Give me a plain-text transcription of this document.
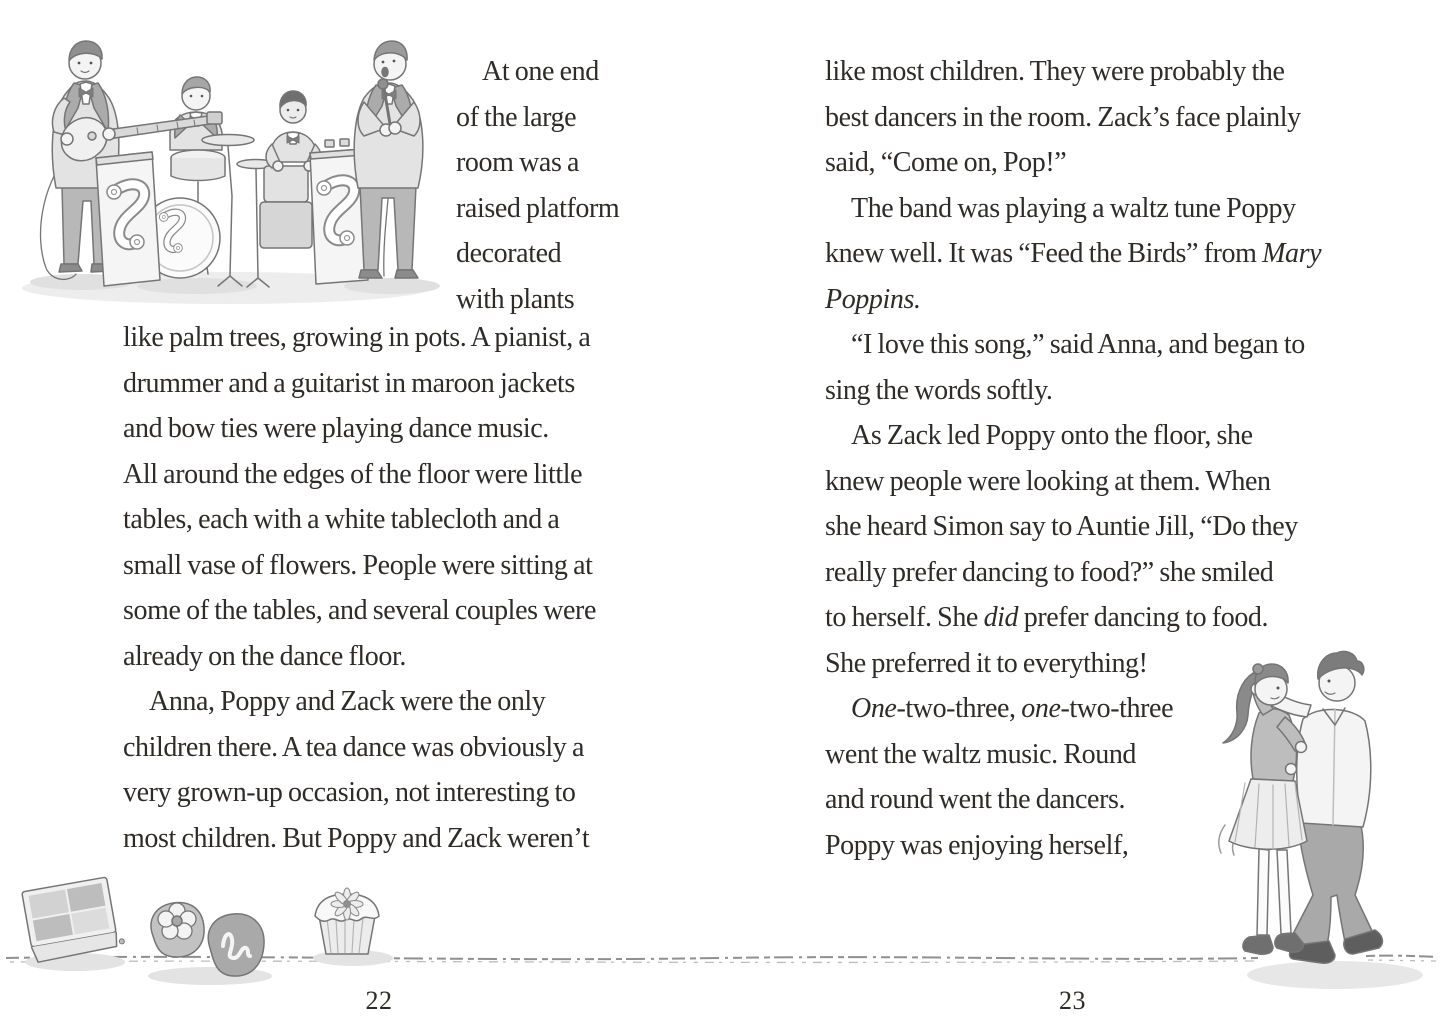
At one end
of the large
room was a
raised platform
decorated
with plants
like palm trees, growing in pots. A pianist, a
drummer and a guitarist in maroon jackets
and bow ties were playing dance music.
All around the edges of the floor were little
tables, each with a white tablecloth and a
small vase of flowers. People were sitting at
some of the tables, and several couples were
already on the dance floor.
Anna, Poppy and Zack were the only
children there. A tea dance was obviously a
very grown-up occasion, not interesting to
most children. But Poppy and Zack weren’t
22
like most children. They were probably the
best dancers in the room. Zack’s face plainly
said, “Come on, Pop!”
The band was playing a waltz tune Poppy
knew well. It was “Feed the Birds” from Mary
Poppins.
“I love this song,” said Anna, and began to
sing the words softly.
As Zack led Poppy onto the floor, she
knew people were looking at them. When
she heard Simon say to Auntie Jill, “Do they
really prefer dancing to food?” she smiled
to herself. She did prefer dancing to food.
She preferred it to everything!
One-two-three, one-two-three
went the waltz music. Round
and round went the dancers.
Poppy was enjoying herself,
23
